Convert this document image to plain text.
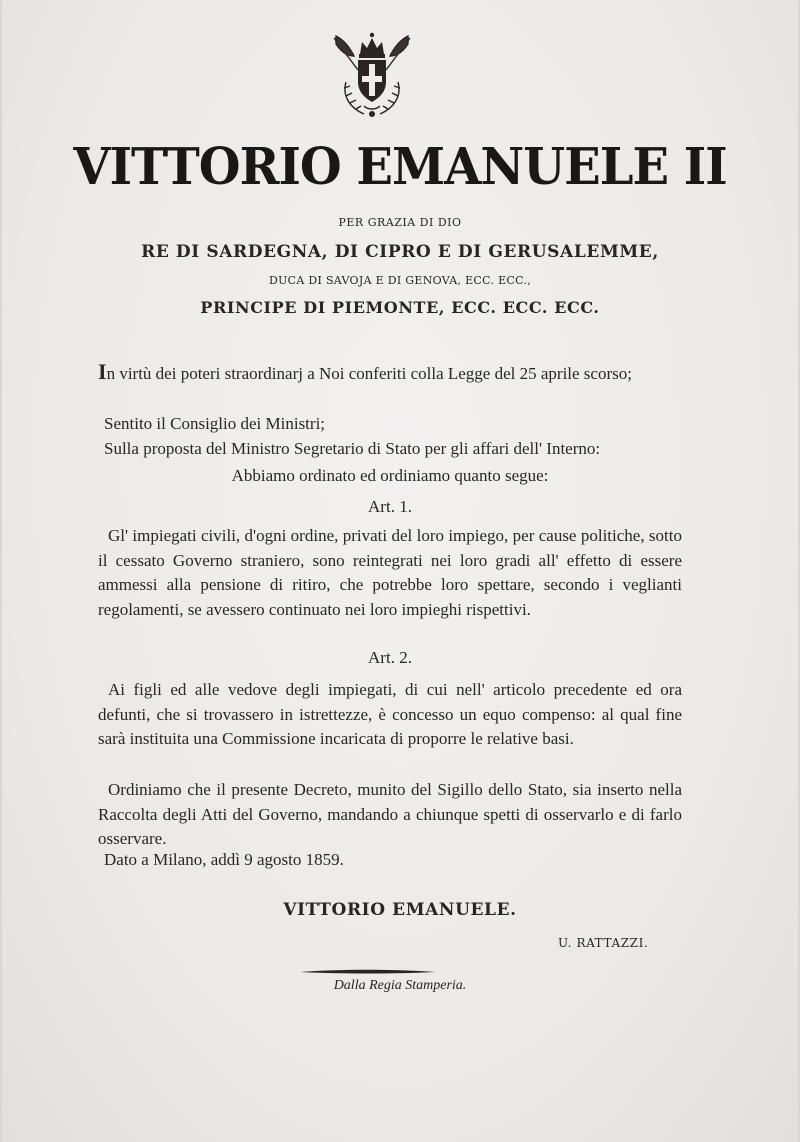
VITTORIO EMANUELE II
PER GRAZIA DI DIO
RE DI SARDEGNA, DI CIPRO E DI GERUSALEMME,
DUCA DI SAVOJA E DI GENOVA, ECC. ECC.,
PRINCIPE DI PIEMONTE, ECC. ECC. ECC.

In virtù dei poteri straordinarj a Noi conferiti colla Legge del 25 aprile scorso;

Sentito il Consiglio dei Ministri;

Sulla proposta del Ministro Segretario di Stato per gli affari dell' Interno:

Abbiamo ordinato ed ordiniamo quanto segue:

Art. 1.

Gl' impiegati civili, d'ogni ordine, privati del loro impiego, per cause politiche, sotto il cessato Governo straniero, sono reintegrati nei loro gradi all' effetto di essere ammessi alla pensione di ritiro, che potrebbe loro spettare, secondo i veglianti regolamenti, se avessero continuato nei loro impieghi rispettivi.

Art. 2.

Ai figli ed alle vedove degli impiegati, di cui nell' articolo precedente ed ora defunti, che si trovassero in istrettezze, è concesso un equo compenso: al qual fine sarà instituita una Commissione incaricata di proporre le relative basi.

Ordiniamo che il presente Decreto, munito del Sigillo dello Stato, sia inserto nella Raccolta degli Atti del Governo, mandando a chiunque spetti di osservarlo e di farlo osservare.

Dato a Milano, addì 9 agosto 1859.

VITTORIO EMANUELE.
U. RATTAZZI.
Dalla Regia Stamperia.
